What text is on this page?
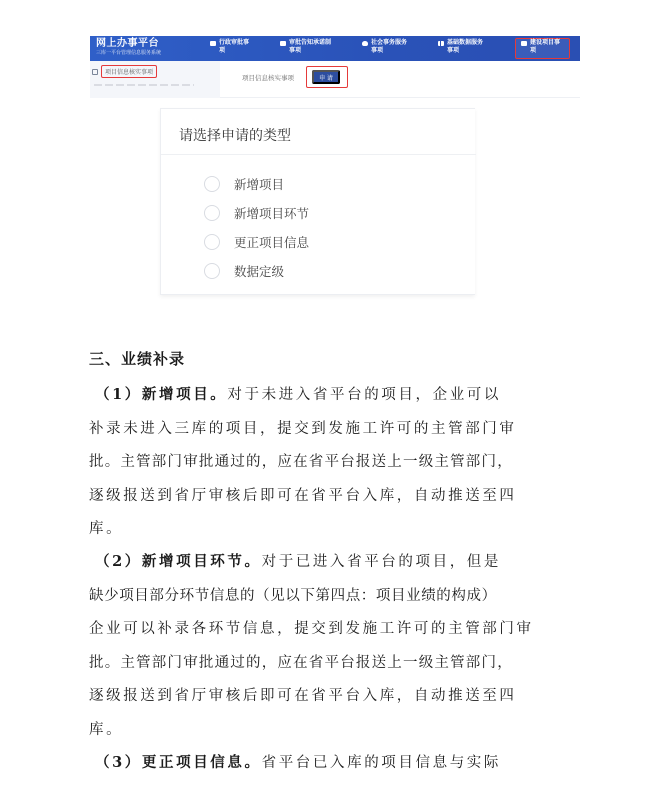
网上办事平台
三库一平台管理信息服务系统
行政审批事
项
审批告知承诺制
事项
社会事务服务
事项
基础数据服务
事项
建设项目事
项
项目信息核实事项
项目信息核实事项	申 请
请选择申请的类型
新增项目
新增项目环节
更正项目信息
数据定级
三、业绩补录
（1）新增项目。对于未进入省平台的项目，企业可以
补录未进入三库的项目，提交到发施工许可的主管部门审
批。主管部门审批通过的，应在省平台报送上一级主管部门，
逐级报送到省厅审核后即可在省平台入库，自动推送至四
库。
（2）新增项目环节。对于已进入省平台的项目，但是
缺少项目部分环节信息的（见以下第四点：项目业绩的构成）
企业可以补录各环节信息，提交到发施工许可的主管部门审
批。主管部门审批通过的，应在省平台报送上一级主管部门，
逐级报送到省厅审核后即可在省平台入库，自动推送至四
库。
（3）更正项目信息。省平台已入库的项目信息与实际
